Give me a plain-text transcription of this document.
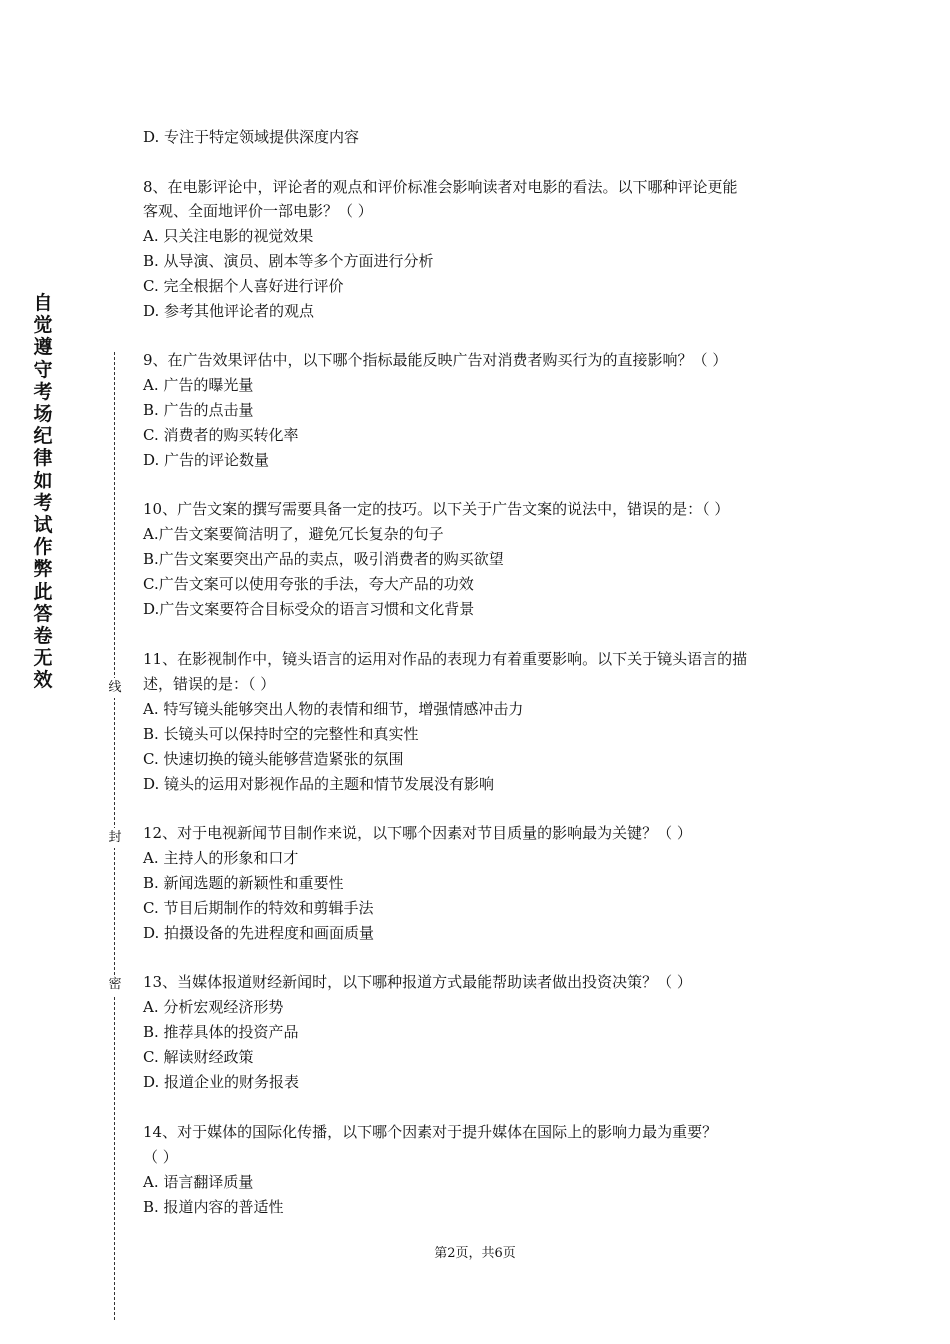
自
觉
遵
守
考
场
纪
律
如
考
试
作
弊
此
答
卷
无
效	线
封
密
D. 专注于特定领域提供深度内容
8、在电影评论中，评论者的观点和评价标准会影响读者对电影的看法。以下哪种评论更能
客观、全面地评价一部电影？（ ）
A. 只关注电影的视觉效果
B. 从导演、演员、剧本等多个方面进行分析
C. 完全根据个人喜好进行评价
D. 参考其他评论者的观点
9、在广告效果评估中，以下哪个指标最能反映广告对消费者购买行为的直接影响？（ ）
A. 广告的曝光量
B. 广告的点击量
C. 消费者的购买转化率
D. 广告的评论数量
10、广告文案的撰写需要具备一定的技巧。以下关于广告文案的说法中，错误的是：（ ）
A.广告文案要简洁明了，避免冗长复杂的句子
B.广告文案要突出产品的卖点，吸引消费者的购买欲望
C.广告文案可以使用夸张的手法，夸大产品的功效
D.广告文案要符合目标受众的语言习惯和文化背景
11、在影视制作中，镜头语言的运用对作品的表现力有着重要影响。以下关于镜头语言的描
述，错误的是：（ ）
A. 特写镜头能够突出人物的表情和细节，增强情感冲击力
B. 长镜头可以保持时空的完整性和真实性
C. 快速切换的镜头能够营造紧张的氛围
D. 镜头的运用对影视作品的主题和情节发展没有影响
12、对于电视新闻节目制作来说，以下哪个因素对节目质量的影响最为关键？（ ）
A. 主持人的形象和口才
B. 新闻选题的新颖性和重要性
C. 节目后期制作的特效和剪辑手法
D. 拍摄设备的先进程度和画面质量
13、当媒体报道财经新闻时，以下哪种报道方式最能帮助读者做出投资决策？（ ）
A. 分析宏观经济形势
B. 推荐具体的投资产品
C. 解读财经政策
D. 报道企业的财务报表
14、对于媒体的国际化传播，以下哪个因素对于提升媒体在国际上的影响力最为重要？
（ ）
A. 语言翻译质量
B. 报道内容的普适性
第2页，共6页
